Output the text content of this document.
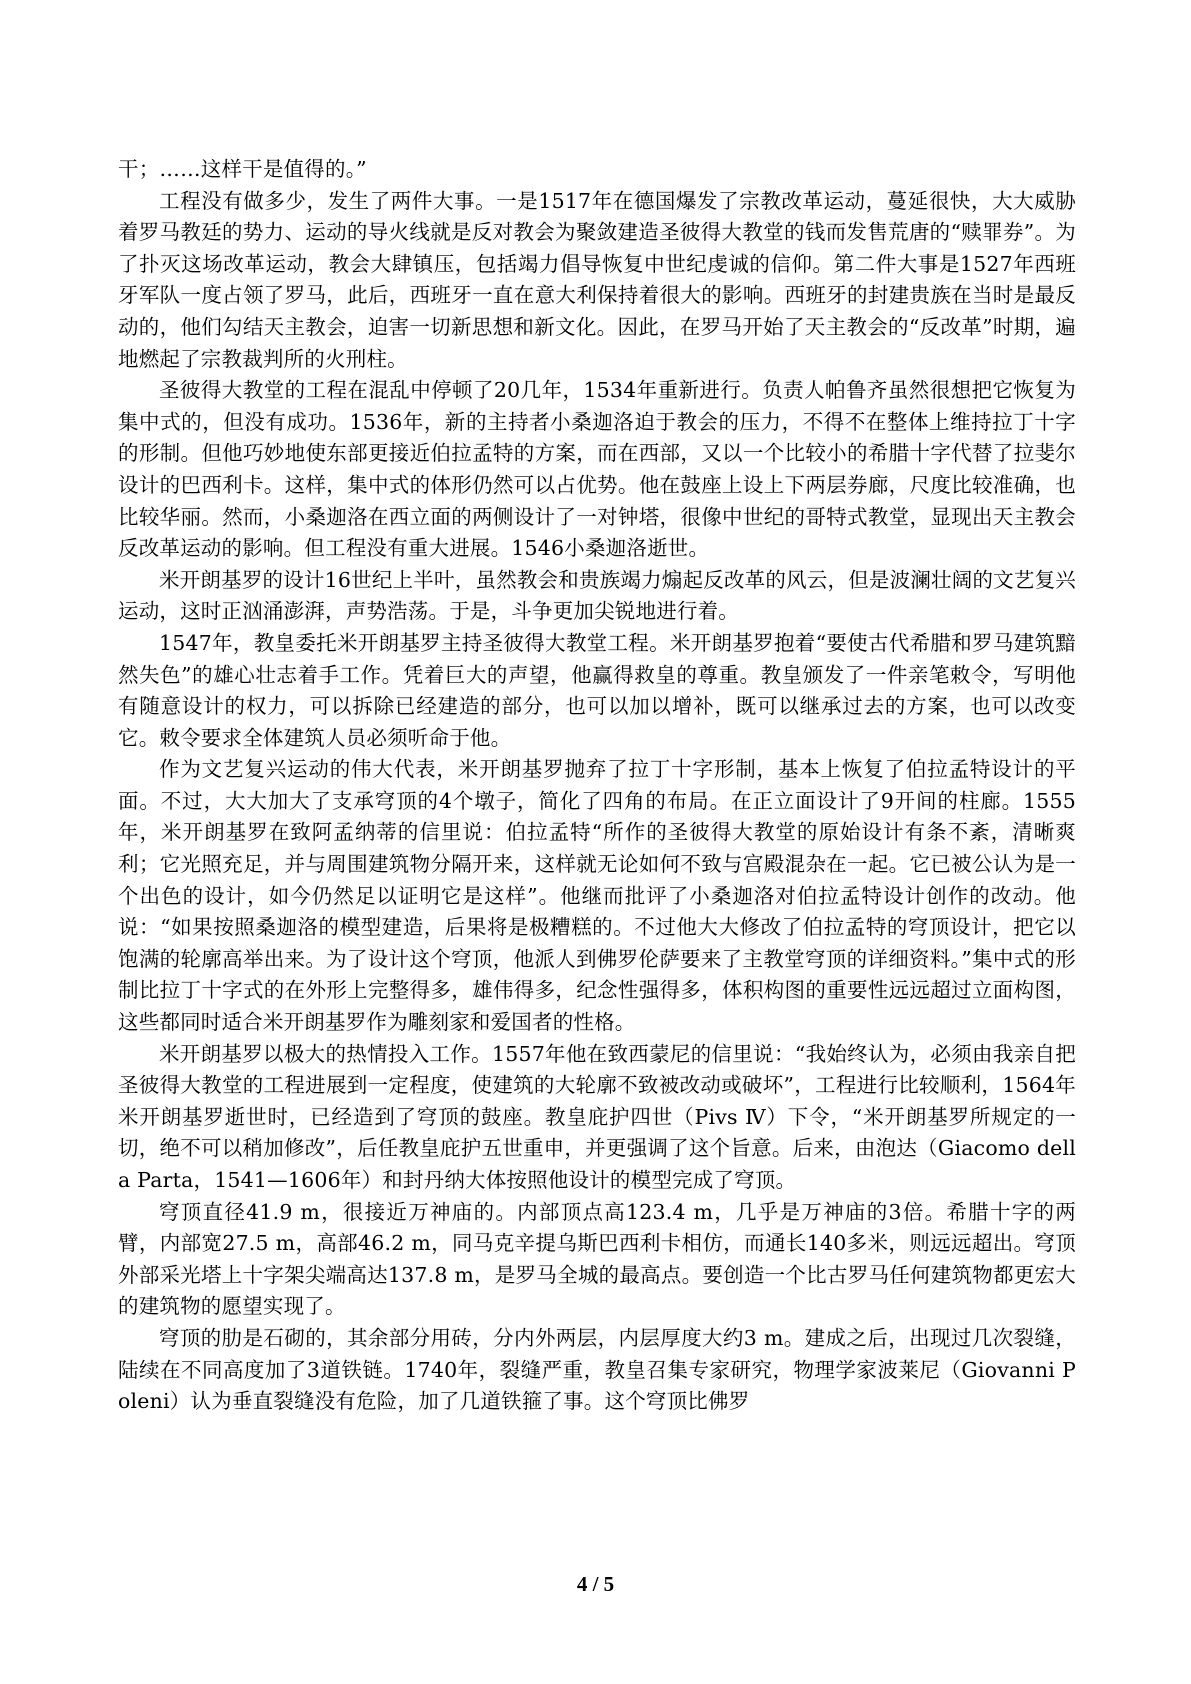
干；……这样干是值得的。”

工程没有做多少，发生了两件大事。一是1517年在德国爆发了宗教改革运动，蔓延很快，大大威胁着罗马教廷的势力、运动的导火线就是反对教会为聚敛建造圣彼得大教堂的钱而发售荒唐的“赎罪券”。为了扑灭这场改革运动，教会大肆镇压，包括竭力倡导恢复中世纪虔诚的信仰。第二件大事是1527年西班牙军队一度占领了罗马，此后，西班牙一直在意大利保持着很大的影响。西班牙的封建贵族在当时是最反动的，他们勾结天主教会，迫害一切新思想和新文化。因此，在罗马开始了天主教会的“反改革”时期，遍地燃起了宗教裁判所的火刑柱。

圣彼得大教堂的工程在混乱中停顿了20几年，1534年重新进行。负责人帕鲁齐虽然很想把它恢复为集中式的，但没有成功。1536年，新的主持者小桑迦洛迫于教会的压力，不得不在整体上维持拉丁十字的形制。但他巧妙地使东部更接近伯拉孟特的方案，而在西部，又以一个比较小的希腊十字代替了拉斐尔设计的巴西利卡。这样，集中式的体形仍然可以占优势。他在鼓座上设上下两层券廊，尺度比较准确，也比较华丽。然而，小桑迦洛在西立面的两侧设计了一对钟塔，很像中世纪的哥特式教堂，显现出天主教会反改革运动的影响。但工程没有重大进展。1546小桑迦洛逝世。

米开朗基罗的设计16世纪上半叶，虽然教会和贵族竭力煽起反改革的风云，但是波澜壮阔的文艺复兴运动，这时正汹涌澎湃，声势浩荡。于是，斗争更加尖锐地进行着。

1547年，教皇委托米开朗基罗主持圣彼得大教堂工程。米开朗基罗抱着“要使古代希腊和罗马建筑黯然失色”的雄心壮志着手工作。凭着巨大的声望，他赢得救皇的尊重。教皇颁发了一件亲笔敕令，写明他有随意设计的权力，可以拆除已经建造的部分，也可以加以增补，既可以继承过去的方案，也可以改变它。敕令要求全体建筑人员必须听命于他。

作为文艺复兴运动的伟大代表，米开朗基罗抛弃了拉丁十字形制，基本上恢复了伯拉孟特设计的平面。不过，大大加大了支承穹顶的4个墩子，简化了四角的布局。在正立面设计了9开间的柱廊。1555年，米开朗基罗在致阿孟纳蒂的信里说：伯拉孟特“所作的圣彼得大教堂的原始设计有条不紊，清晰爽利；它光照充足，并与周围建筑物分隔开来，这样就无论如何不致与宫殿混杂在一起。它已被公认为是一个出色的设计，如今仍然足以证明它是这样”。他继而批评了小桑迦洛对伯拉孟特设计创作的改动。他说：“如果按照桑迦洛的模型建造，后果将是极糟糕的。不过他大大修改了伯拉孟特的穹顶设计，把它以饱满的轮廓高举出来。为了设计这个穹顶，他派人到佛罗伦萨要来了主教堂穹顶的详细资料。”集中式的形制比拉丁十字式的在外形上完整得多，雄伟得多，纪念性强得多，体积构图的重要性远远超过立面构图，这些都同时适合米开朗基罗作为雕刻家和爱国者的性格。

米开朗基罗以极大的热情投入工作。1557年他在致西蒙尼的信里说：“我始终认为，必须由我亲自把圣彼得大教堂的工程进展到一定程度，使建筑的大轮廓不致被改动或破坏”，工程进行比较顺利，1564年米开朗基罗逝世时，已经造到了穹顶的鼓座。教皇庇护四世（Pivs Ⅳ）下令，“米开朗基罗所规定的一切，绝不可以稍加修改”，后任教皇庇护五世重申，并更强调了这个旨意。后来，由泡达（Giacomo della Parta，1541—1606年）和封丹纳大体按照他设计的模型完成了穹顶。

穹顶直径41.9 m，很接近万神庙的。内部顶点高123.4 m，几乎是万神庙的3倍。希腊十字的两臂，内部宽27.5 m，高部46.2 m，同马克辛提乌斯巴西利卡相仿，而通长140多米，则远远超出。穹顶外部采光塔上十字架尖端高达137.8 m，是罗马全城的最高点。要创造一个比古罗马任何建筑物都更宏大的建筑物的愿望实现了。

穹顶的肋是石砌的，其余部分用砖，分内外两层，内层厚度大约3 m。建成之后，出现过几次裂缝，陆续在不同高度加了3道铁链。1740年，裂缝严重，教皇召集专家研究，物理学家波莱尼（Giovanni Poleni）认为垂直裂缝没有危险，加了几道铁箍了事。这个穹顶比佛罗

4 / 5
